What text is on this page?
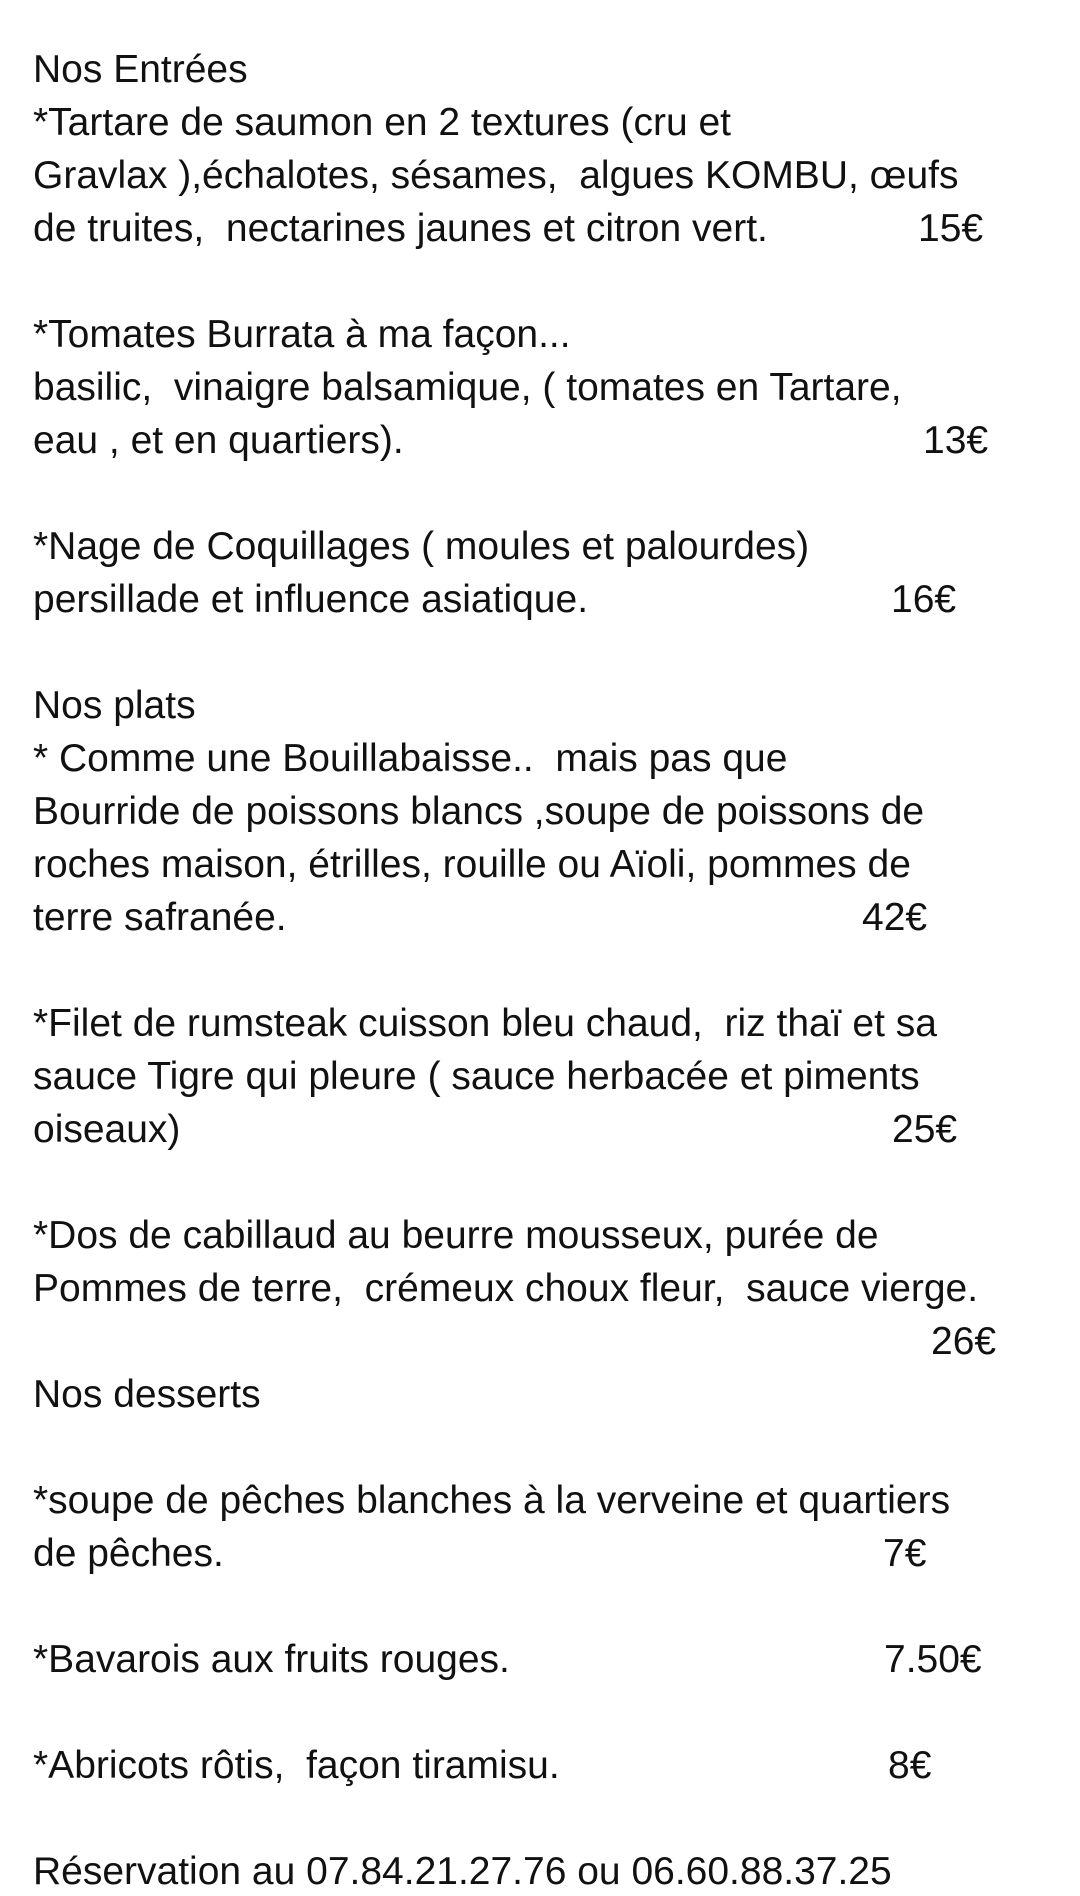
Nos Entrées
*Tartare de saumon en 2 textures (cru et
Gravlax ),échalotes, sésames,  algues KOMBU, œufs
de truites,  nectarines jaunes et citron vert.	15€
*Tomates Burrata à ma façon...
basilic,  vinaigre balsamique, ( tomates en Tartare,
eau , et en quartiers).	13€
*Nage de Coquillages ( moules et palourdes)
persillade et influence asiatique.	16€
Nos plats
* Comme une Bouillabaisse..  mais pas que
Bourride de poissons blancs ,soupe de poissons de
roches maison, étrilles, rouille ou Aïoli, pommes de
terre safranée.	42€
*Filet de rumsteak cuisson bleu chaud,  riz thaï et sa
sauce Tigre qui pleure ( sauce herbacée et piments
oiseaux)	25€
*Dos de cabillaud au beurre mousseux, purée de
Pommes de terre,  crémeux choux fleur,  sauce vierge.
26€
Nos desserts
*soupe de pêches blanches à la verveine et quartiers
de pêches.	7€
*Bavarois aux fruits rouges.	7.50€
*Abricots rôtis,  façon tiramisu.	8€
Réservation au 07.84.21.27.76 ou 06.60.88.37.25
